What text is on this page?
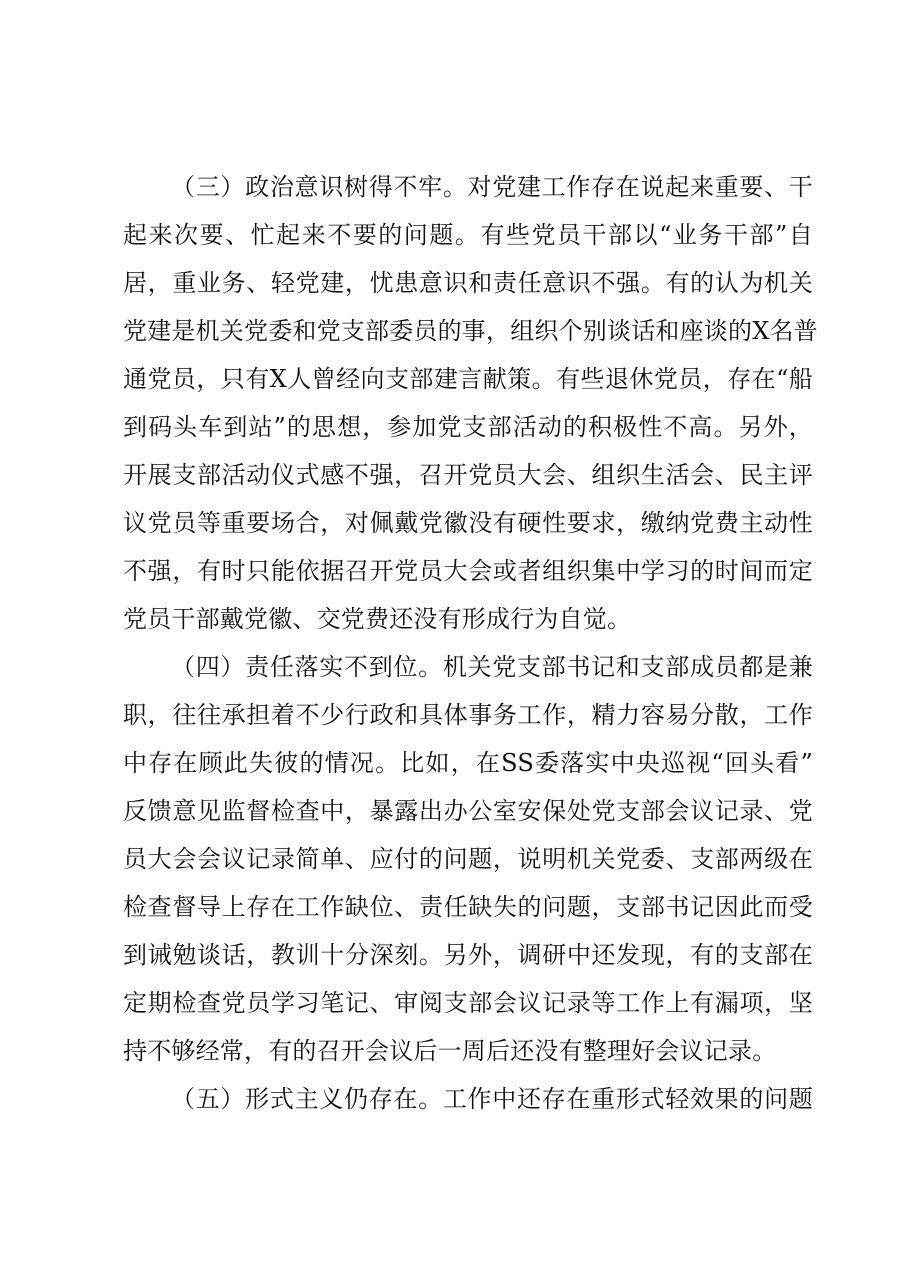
（三）政治意识树得不牢。对党建工作存在说起来重要、干
起来次要、忙起来不要的问题。有些党员干部以“业务干部”自
居，重业务、轻党建，忧患意识和责任意识不强。有的认为机关
党建是机关党委和党支部委员的事，组织个别谈话和座谈的X名普
通党员，只有X人曾经向支部建言献策。有些退休党员，存在“船
到码头车到站”的思想，参加党支部活动的积极性不高。另外，
开展支部活动仪式感不强，召开党员大会、组织生活会、民主评
议党员等重要场合，对佩戴党徽没有硬性要求，缴纳党费主动性
不强，有时只能依据召开党员大会或者组织集中学习的时间而定
党员干部戴党徽、交党费还没有形成行为自觉。
（四）责任落实不到位。机关党支部书记和支部成员都是兼
职，往往承担着不少行政和具体事务工作，精力容易分散，工作
中存在顾此失彼的情况。比如，在SS委落实中央巡视“回头看”
反馈意见监督检查中，暴露出办公室安保处党支部会议记录、党
员大会会议记录简单、应付的问题，说明机关党委、支部两级在
检查督导上存在工作缺位、责任缺失的问题，支部书记因此而受
到诫勉谈话，教训十分深刻。另外，调研中还发现，有的支部在
定期检查党员学习笔记、审阅支部会议记录等工作上有漏项，坚
持不够经常，有的召开会议后一周后还没有整理好会议记录。
（五）形式主义仍存在。工作中还存在重形式轻效果的问题
